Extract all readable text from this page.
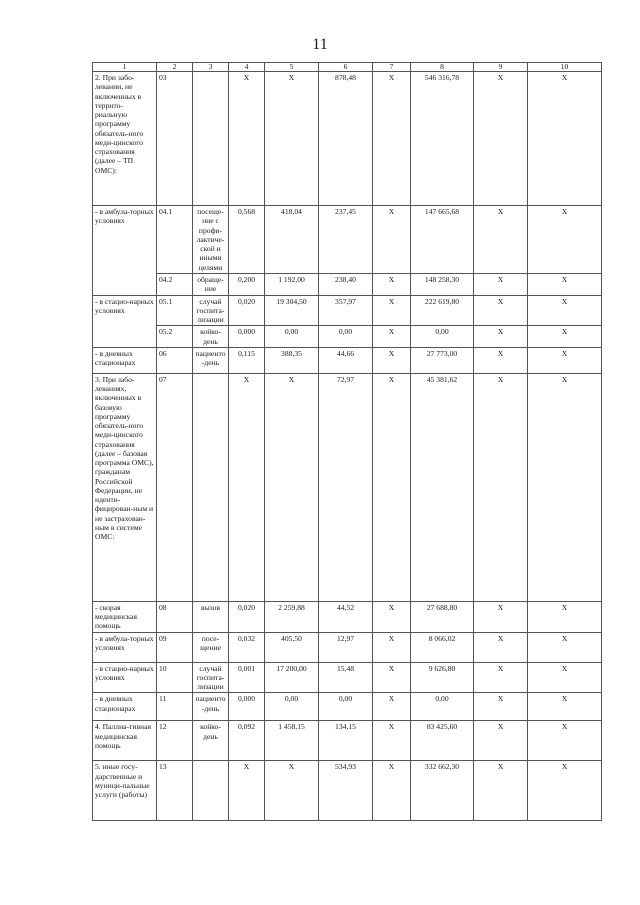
11
1	2	3	4	5	6	7	8	9	10
2. При забо-левании, не включенных в террито-риальную программу обязатель-ного меди-цинского страхования (далее – ТП ОМС):	03		X	X	878,48	X	546 316,78	X	X
- в амбула-торных условиях	04.1	посеще-ние с профи-лактиче-ской и иными целями	0,568	418,04	237,45	X	147 665,68	X	X
	04.2	обраще-ние	0,200	1 192,00	238,40	X	148 258,30	X	X
- в стацио-нарных условиях	05.1	случай госпита-лизации	0,020	19 304,50	357,97	X	222 619,80	X	X
	05.2	койко-день	0,000	0,00	0,00	X	0,00	X	X
- в дневных стационарах	06	пациенто-день	0,115	388,35	44,66	X	27 773,00	X	X
3. При забо-леваниях, включенных в базовую программу обязатель-ного меди-цинского страхования (далее – базовая программа ОМС), гражданам Российской Федерации, не иденти-фицирован-ным и не застрахован-ным в системе ОМС:	07		X	X	72,97	X	45 381,62	X	X
- скорая медицинская помощь	08	вызов	0,020	2 259,88	44,52	X	27 688,80	X	X
- в амбула-торных условиях	09	посе-щение	0,032	405,50	12,97	X	8 066,02	X	X
- в стацио-нарных условиях	10	случай госпита-лизации	0,001	17 200,00	15,48	X	9 626,80	X	X
- в дневных стационарах	11	пациенто-день	0,000	0,00	0,00	X	0,00	X	X
4. Паллиа-тивная медицинская помощь	12	койко-день	0,092	1 458,15	134,15	X	83 425,60	X	X
5. иные госу-дарственные и муници-пальные услуги (работы)	13		X	X	534,93	X	332 662,30	X	X
